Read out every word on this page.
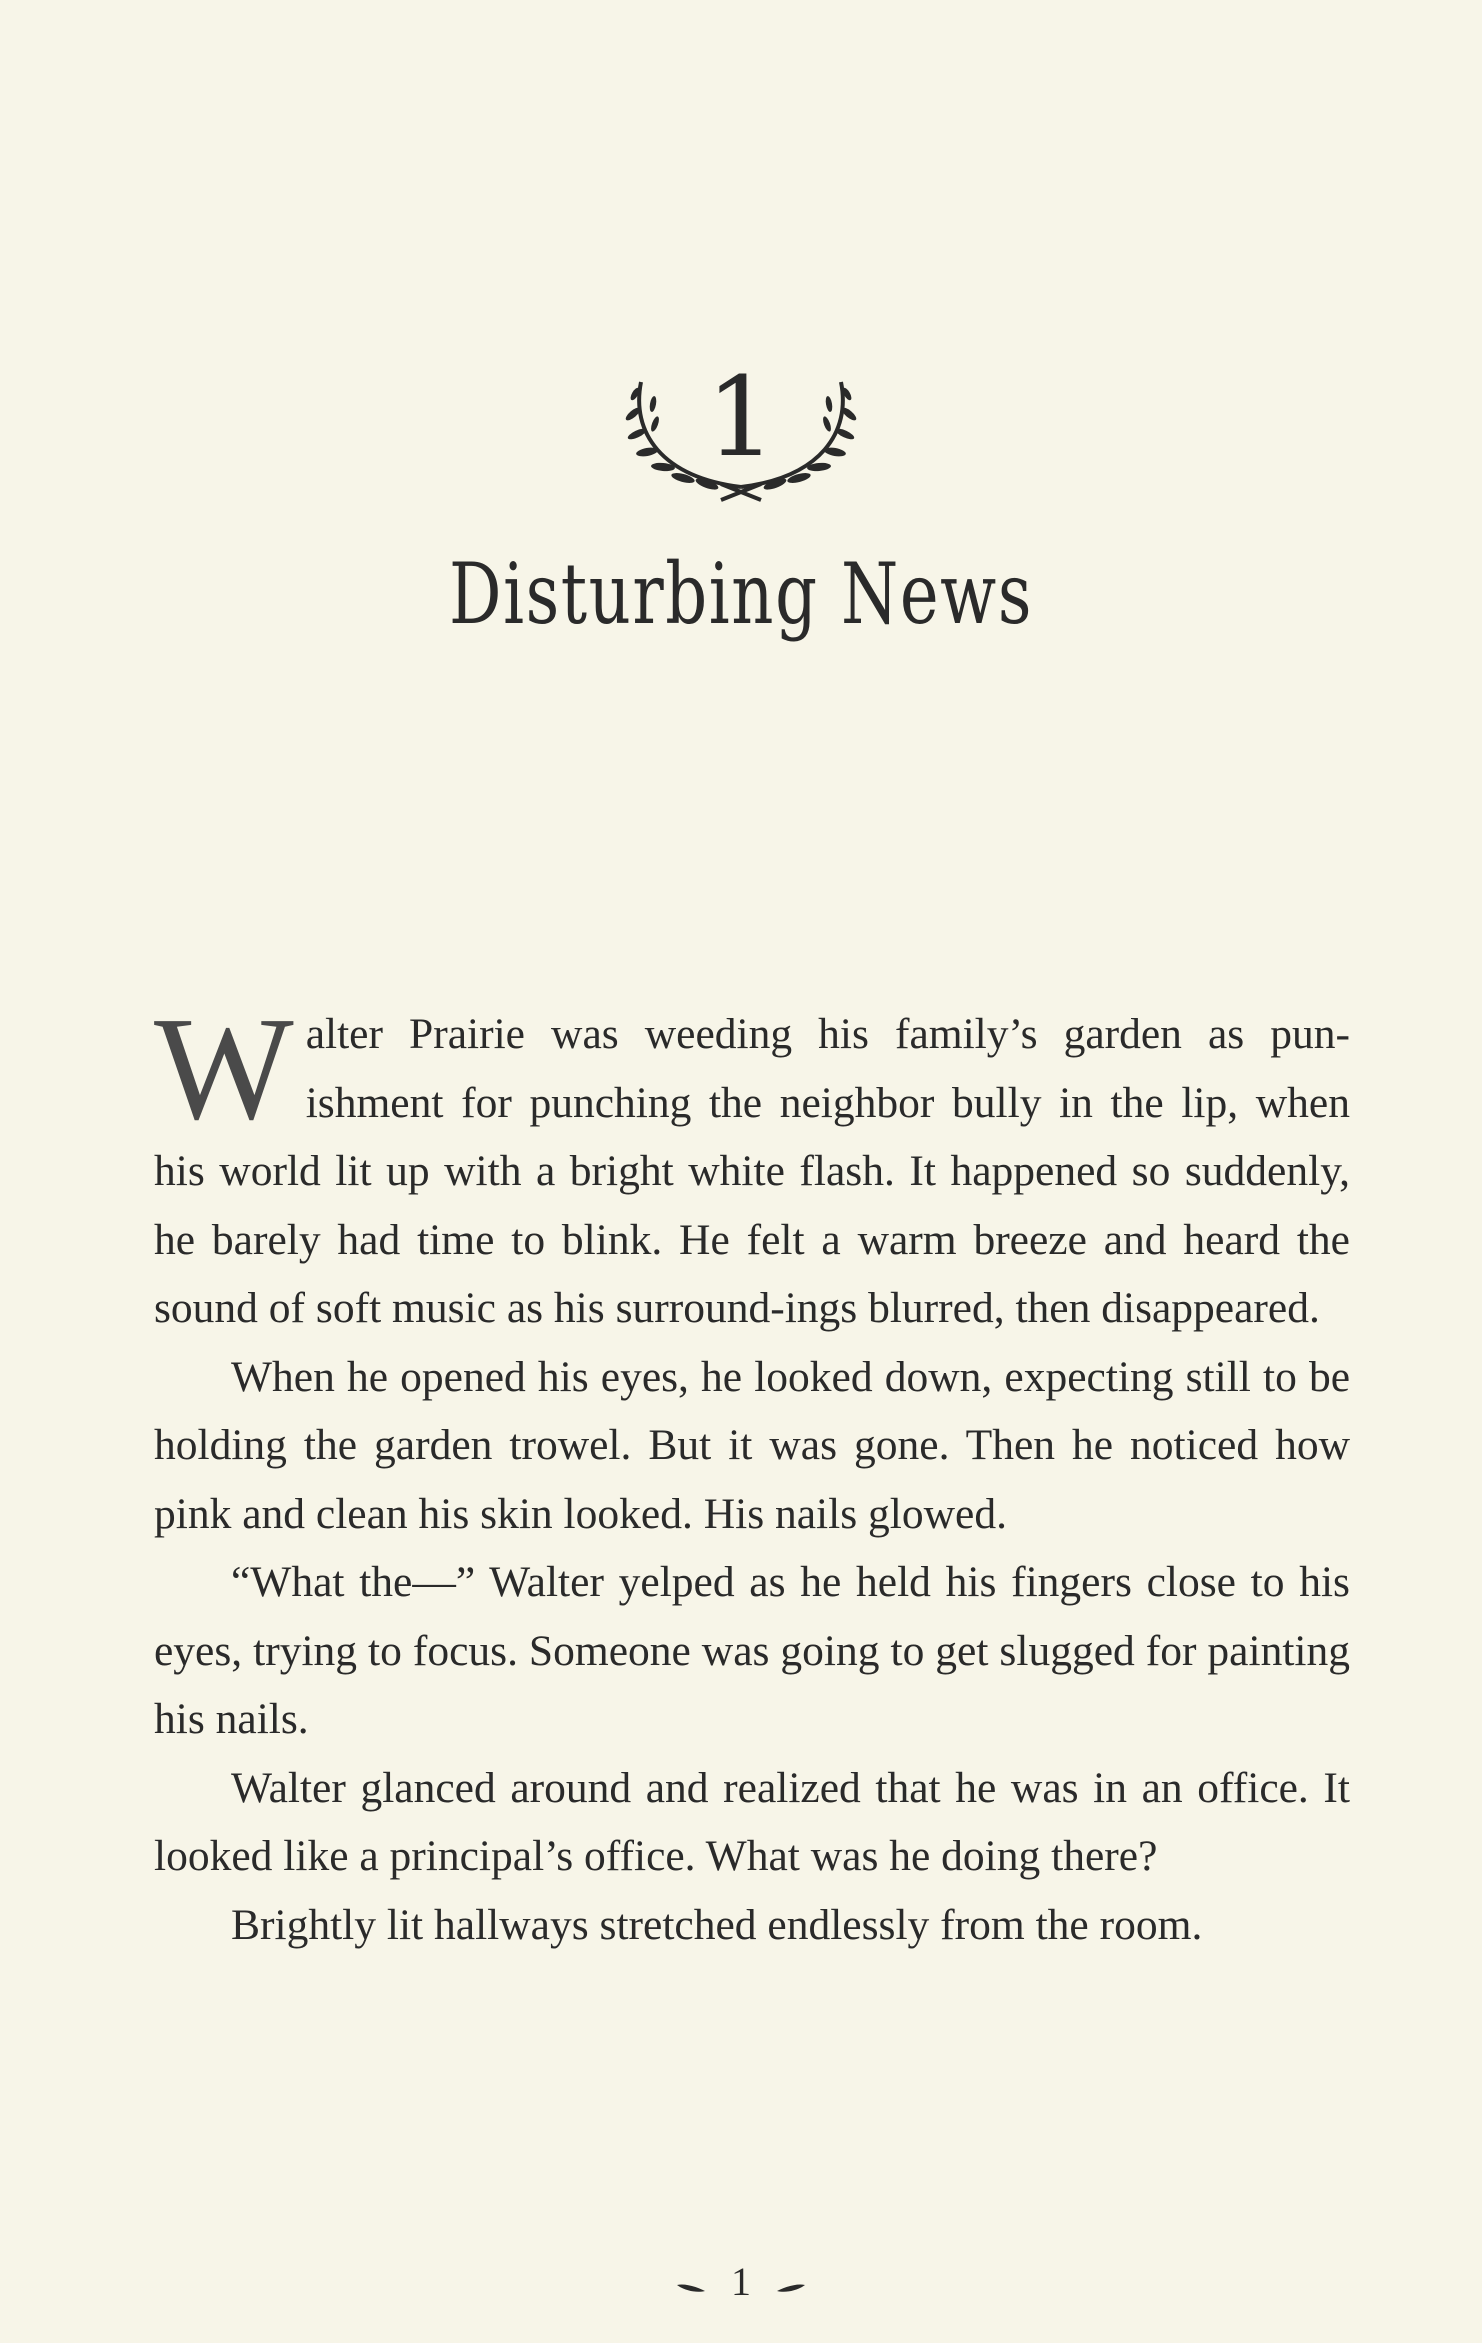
1
Disturbing News

Walter Prairie was weeding his family’s garden as pun-ishment for punching the neighbor bully in the lip, when his world lit up with a bright white flash. It happened so suddenly, he barely had time to blink. He felt a warm breeze and heard the sound of soft music as his surround-ings blurred, then disappeared.

When he opened his eyes, he looked down, expecting still to be holding the garden trowel. But it was gone. Then he noticed how pink and clean his skin looked. His nails glowed.

“What the—” Walter yelped as he held his fingers close to his eyes, trying to focus. Someone was going to get slugged for painting his nails.

Walter glanced around and realized that he was in an office. It looked like a principal’s office. What was he doing there?

Brightly lit hallways stretched endlessly from the room.

1
